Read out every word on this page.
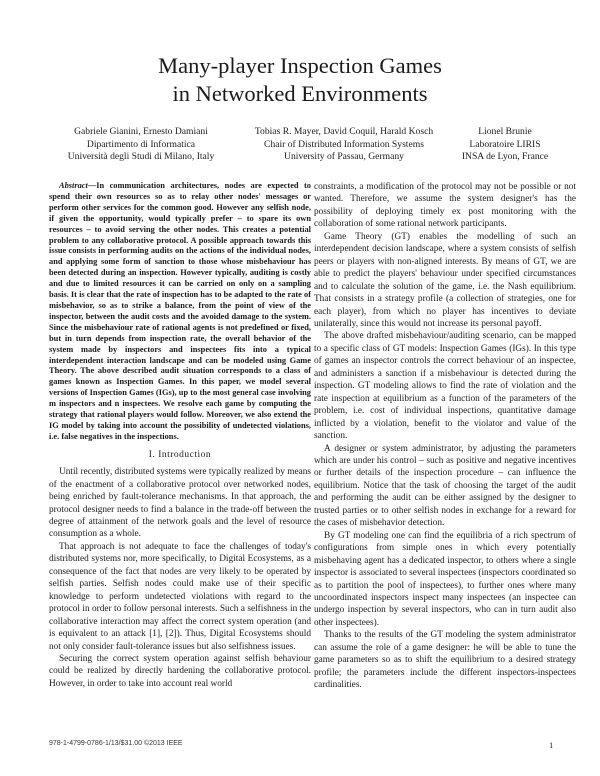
Many-player Inspection Games
in Networked Environments
Gabriele Gianini, Ernesto Damiani
Dipartimento di Informatica
Università degli Studi di Milano, Italy
Tobias R. Mayer, David Coquil, Harald Kosch
Chair of Distributed Information Systems
University of Passau, Germany
Lionel Brunie
Laboratoire LIRIS
INSA de Lyon, France

Abstract—In communication architectures, nodes are expected to spend their own resources so as to relay other nodes' messages or perform other services for the common good. However any selfish node, if given the opportunity, would typically prefer – to spare its own resources – to avoid serving the other nodes. This creates a potential problem to any collaborative protocol. A possible approach towards this issue consists in performing audits on the actions of the individual nodes, and applying some form of sanction to those whose misbehaviour has been detected during an inspection. However typically, auditing is costly and due to limited resources it can be carried on only on a sampling basis. It is clear that the rate of inspection has to be adapted to the rate of misbehavior, so as to strike a balance, from the point of view of the inspector, between the audit costs and the avoided damage to the system. Since the misbehaviour rate of rational agents is not predefined or fixed, but in turn depends from inspection rate, the overall behavior of the system made by inspectors and inspectees fits into a typical interdependent interaction landscape and can be modeled using Game Theory. The above described audit situation corresponds to a class of games known as Inspection Games. In this paper, we model several versions of Inspection Games (IGs), up to the most general case involving m inspectors and n inspectees. We resolve each game by computing the strategy that rational players would follow. Moreover, we also extend the IG model by taking into account the possibility of undetected violations, i.e. false negatives in the inspections.

I. Introduction

Until recently, distributed systems were typically realized by means of the enactment of a collaborative protocol over networked nodes, being enriched by fault-tolerance mechanisms. In that approach, the protocol designer needs to find a balance in the trade-off between the degree of attainment of the network goals and the level of resource consumption as a whole.

That approach is not adequate to face the challenges of today's distributed systems nor, more specifically, to Digital Ecosystems, as a consequence of the fact that nodes are very likely to be operated by selfish parties. Selfish nodes could make use of their specific knowledge to perform undetected violations with regard to the protocol in order to follow personal interests. Such a selfishness in the collaborative interaction may affect the correct system operation (and is equivalent to an attack [1], [2]). Thus, Digital Ecosystems should not only consider fault-tolerance issues but also selfishness issues.

Securing the correct system operation against selfish behaviour could be realized by directly hardening the collaborative protocol. However, in order to take into account real world

constraints, a modification of the protocol may not be possible or not wanted. Therefore, we assume the system designer's has the possibility of deploying timely ex post monitoring with the collaboration of some rational network participants.

Game Theory (GT) enables the modelling of such an interdependent decision landscape, where a system consists of selfish peers or players with non-aligned interests. By means of GT, we are able to predict the players' behaviour under specified circumstances and to calculate the solution of the game, i.e. the Nash equilibrium. That consists in a strategy profile (a collection of strategies, one for each player), from which no player has incentives to deviate unilaterally, since this would not increase its personal payoff.

The above drafted misbehaviour/auditing scenario, can be mapped to a specific class of GT models: Inspection Games (IGs). In this type of games an inspector controls the correct behaviour of an inspectee, and administers a sanction if a misbehaviour is detected during the inspection. GT modeling allows to find the rate of violation and the rate inspection at equilibrium as a function of the parameters of the problem, i.e. cost of individual inspections, quantitative damage inflicted by a violation, benefit to the violator and value of the sanction.

A designer or system administrator, by adjusting the parameters which are under his control – such as positive and negative incentives or further details of the inspection procedure – can influence the equilibrium. Notice that the task of choosing the target of the audit and performing the audit can be either assigned by the designer to trusted parties or to other selfish nodes in exchange for a reward for the cases of misbehavior detection.

By GT modeling one can find the equilibria of a rich spectrum of configurations from simple ones in which every potentially misbehaving agent has a dedicated inspector, to others where a single inspector is associated to several inspectees (inspectors coordinated so as to partition the pool of inspectees), to further ones where many uncoordinated inspectors inspect many inspectees (an inspectee can undergo inspection by several inspectors, who can in turn audit also other inspectees).

Thanks to the results of the GT modeling the system administrator can assume the role of a game designer: he will be able to tune the game parameters so as to shift the equilibrium to a desired strategy profile; the parameters include the different inspectors-inspectees cardinalities.

978-1-4799-0786-1/13/$31.00 ©2013 IEEE	1
